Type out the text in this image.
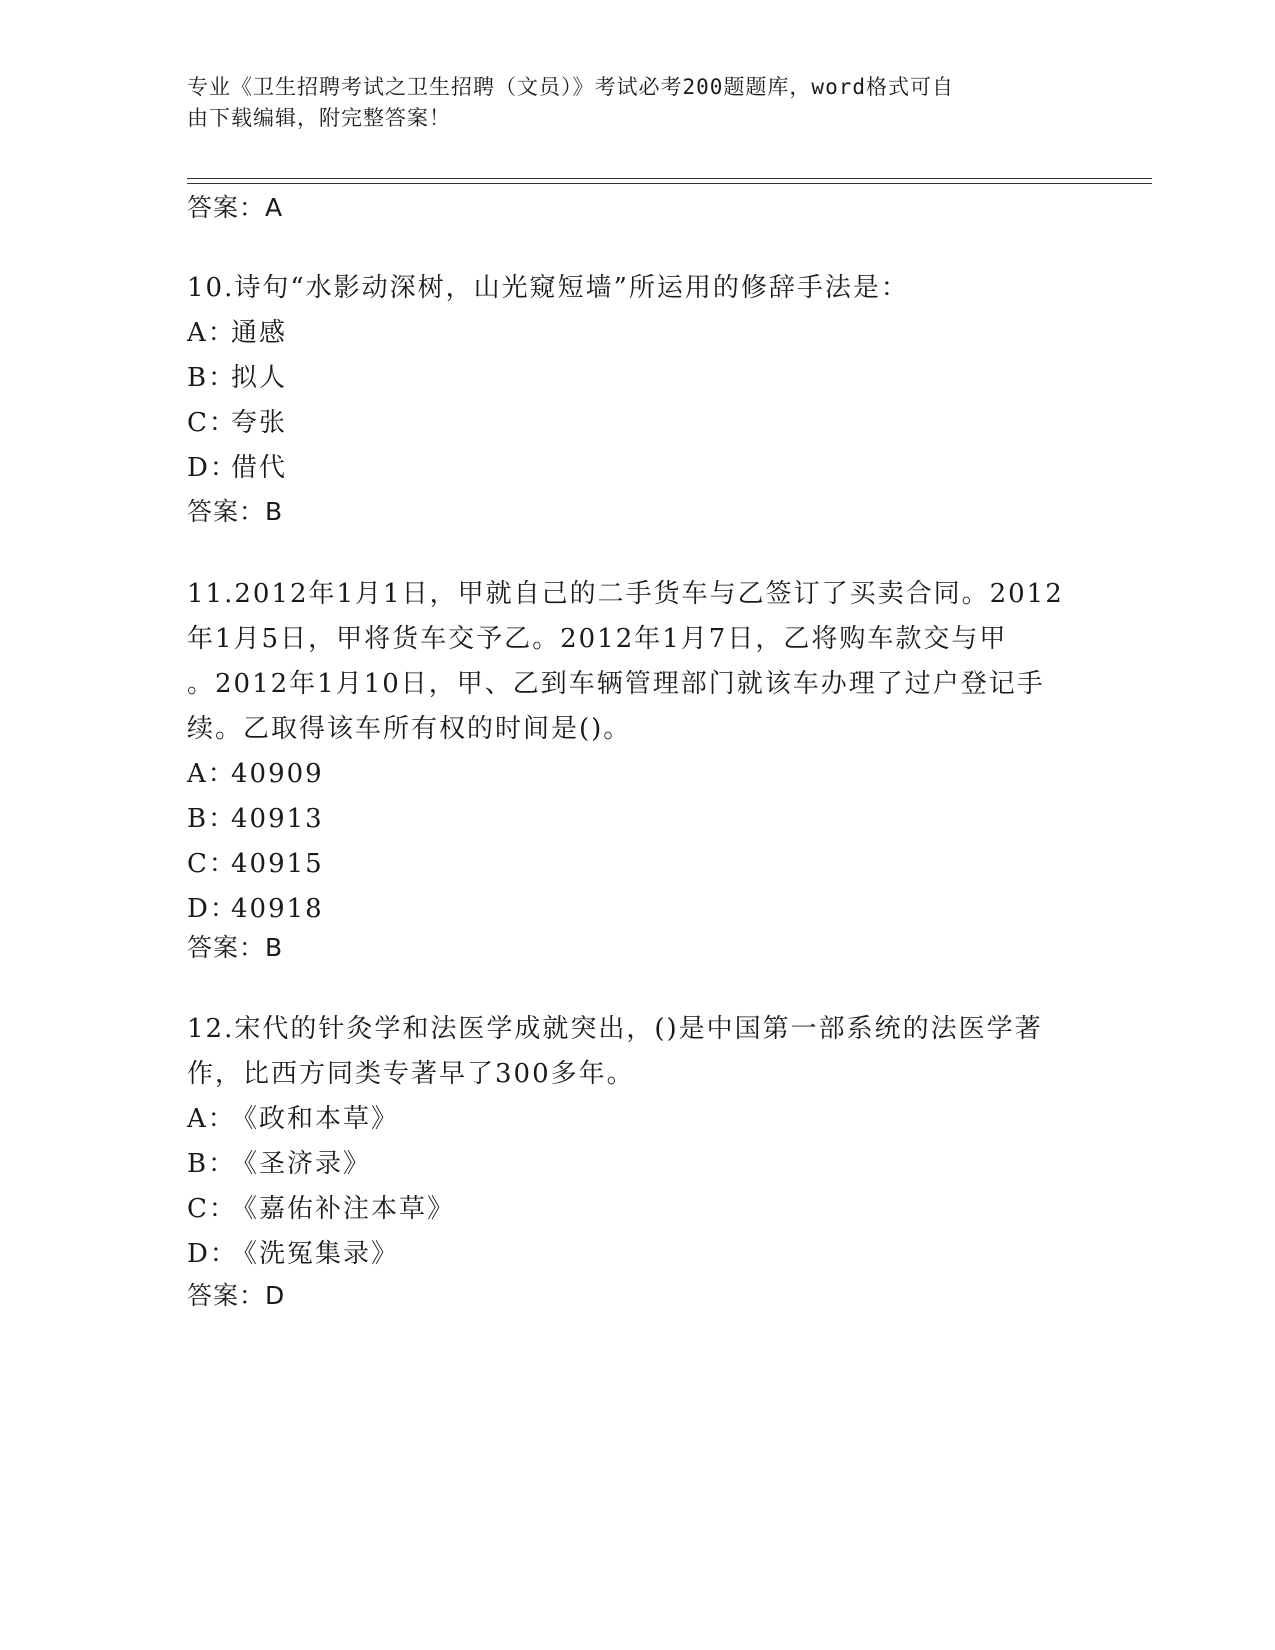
专业《卫生招聘考试之卫生招聘（文员）》考试必考200题题库，word格式可自
由下载编辑，附完整答案！
答案：A
10.诗句“水影动深树，山光窥短墙”所运用的修辞手法是：
A：通感
B：拟人
C：夸张
D：借代
答案：B
11.2012年1月1日，甲就自己的二手货车与乙签订了买卖合同。2012
年1月5日，甲将货车交予乙。2012年1月7日，乙将购车款交与甲
。2012年1月10日，甲、乙到车辆管理部门就该车办理了过户登记手
续。乙取得该车所有权的时间是()。
A：40909
B：40913
C：40915
D：40918
答案：B
12.宋代的针灸学和法医学成就突出，()是中国第一部系统的法医学著
作，比西方同类专著早了300多年。
A：《政和本草》
B：《圣济录》
C：《嘉佑补注本草》
D：《洗冤集录》
答案：D
